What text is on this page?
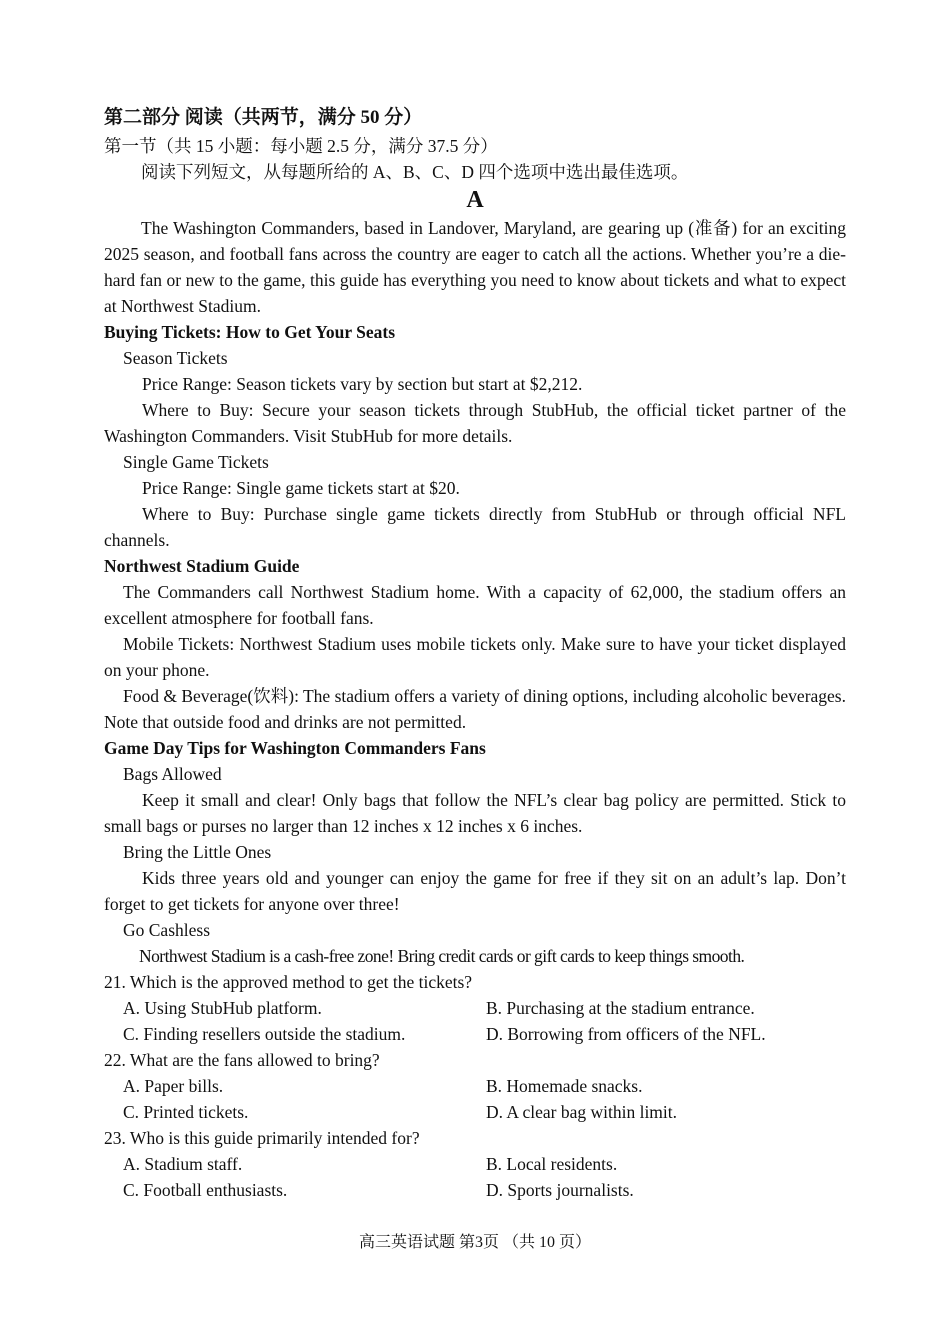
第二部分 阅读（共两节，满分 50 分）
第一节（共 15 小题：每小题 2.5 分，满分 37.5 分）
阅读下列短文，从每题所给的 A、B、C、D 四个选项中选出最佳选项。
A
The Washington Commanders, based in Landover, Maryland, are gearing up (准备) for an exciting 2025 season, and football fans across the country are eager to catch all the actions. Whether you’re a die-hard fan or new to the game, this guide has everything you need to know about tickets and what to expect at Northwest Stadium.
Buying Tickets: How to Get Your Seats
Season Tickets
Price Range: Season tickets vary by section but start at $2,212.
Where to Buy: Secure your season tickets through StubHub, the official ticket partner of the Washington Commanders. Visit StubHub for more details.
Single Game Tickets
Price Range: Single game tickets start at $20.
Where to Buy: Purchase single game tickets directly from StubHub or through official NFL channels.
Northwest Stadium Guide
The Commanders call Northwest Stadium home. With a capacity of 62,000, the stadium offers an excellent atmosphere for football fans.
Mobile Tickets: Northwest Stadium uses mobile tickets only. Make sure to have your ticket displayed on your phone.
Food & Beverage(饮料): The stadium offers a variety of dining options, including alcoholic beverages. Note that outside food and drinks are not permitted.
Game Day Tips for Washington Commanders Fans
Bags Allowed
Keep it small and clear! Only bags that follow the NFL’s clear bag policy are permitted. Stick to small bags or purses no larger than 12 inches x 12 inches x 6 inches.
Bring the Little Ones
Kids three years old and younger can enjoy the game for free if they sit on an adult’s lap. Don’t forget to get tickets for anyone over three!
Go Cashless
Northwest Stadium is a cash-free zone! Bring credit cards or gift cards to keep things smooth.
21. Which is the approved method to get the tickets?
A. Using StubHub platform.	B. Purchasing at the stadium entrance.
C. Finding resellers outside the stadium.	D. Borrowing from officers of the NFL.
22. What are the fans allowed to bring?
A. Paper bills.	B. Homemade snacks.
C. Printed tickets.	D. A clear bag within limit.
23. Who is this guide primarily intended for?
A. Stadium staff.	B. Local residents.
C. Football enthusiasts.	D. Sports journalists.
高三英语试题 第3页 （共 10 页）
